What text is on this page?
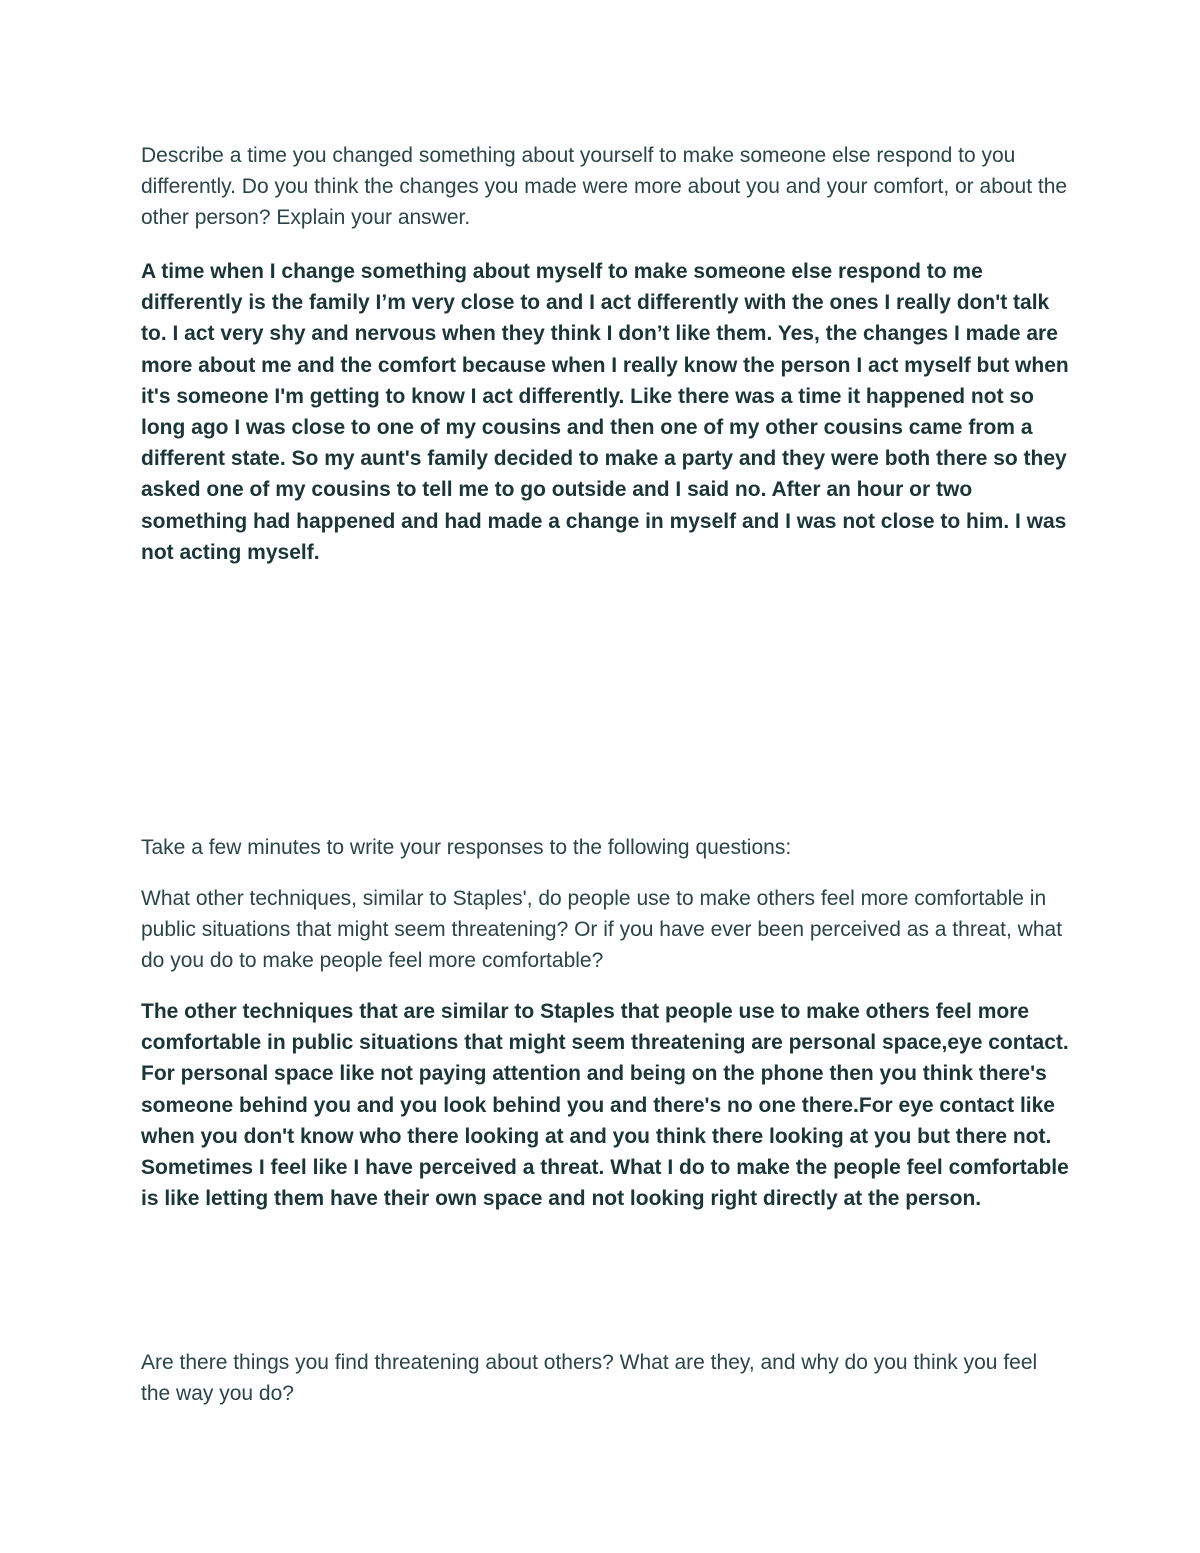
Describe a time you changed something about yourself to make someone else respond to you differently. Do you think the changes you made were more about you and your comfort, or about the other person? Explain your answer.

A time when I change something about myself to make someone else respond to me differently is the family I’m very close to and I act differently with the ones I really don't talk to. I act very shy and nervous when they think I don’t like them. Yes, the changes I made are more about me and the comfort because when I really know the person I act myself but when it's someone I'm getting to know I act differently. Like there was a time it happened not so long ago I was close to one of my cousins and then one of my other cousins came from a different state. So my aunt's family decided to make a party and they were both there so they asked one of my cousins to tell me to go outside and I said no. After an hour or two something had happened and had made a change in myself and I was not close to him. I was not acting myself.

Take a few minutes to write your responses to the following questions:

What other techniques, similar to Staples', do people use to make others feel more comfortable in public situations that might seem threatening? Or if you have ever been perceived as a threat, what do you do to make people feel more comfortable?

The other techniques that are similar to Staples that people use to make others feel more comfortable in public situations that might seem threatening are personal space,eye contact. For personal space like not paying attention and being on the phone then you think there's someone behind you and you look behind you and there's no one there.For eye contact like when you don't know who there looking at and you think there looking at you but there not. Sometimes I feel like I have perceived a threat. What I do to make the people feel comfortable is like letting them have their own space and not looking right directly at the person.

Are there things you find threatening about others? What are they, and why do you think you feel the way you do?
